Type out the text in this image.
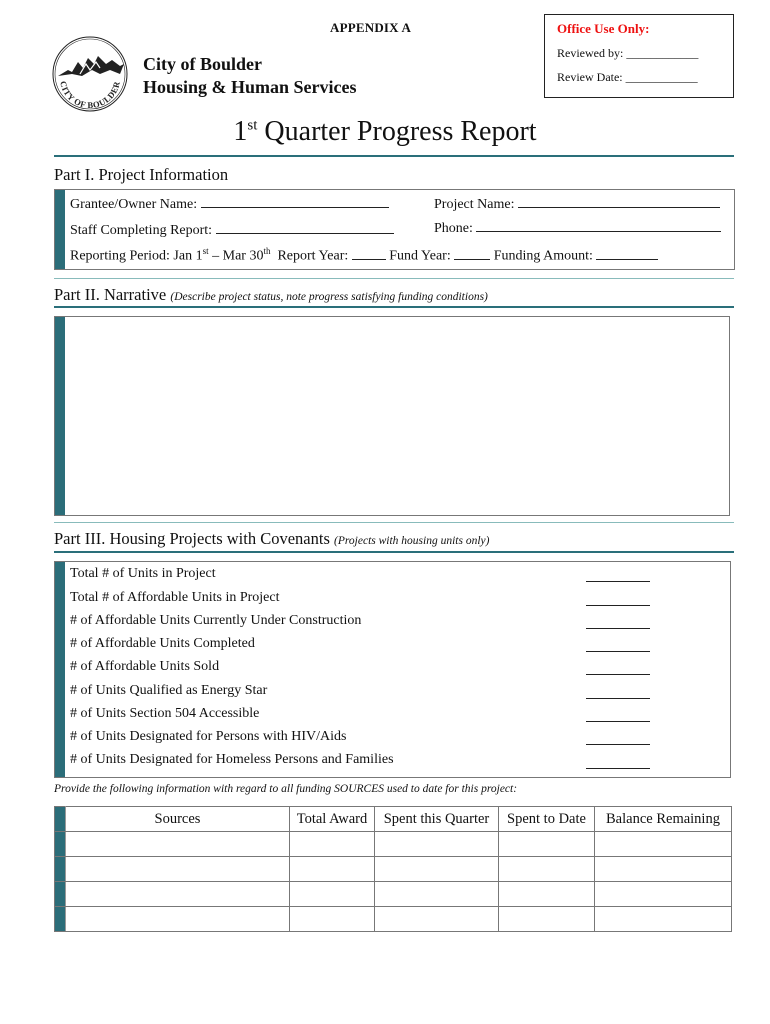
APPENDIX A	Office Use Only:
Reviewed by: ____________
Review Date: ____________
CITY OF BOULDER
City of Boulder
Housing & Human Services
1st Quarter Progress Report
Part I. Project Information
Grantee/Owner Name:	Project Name:
Staff Completing Report:	Phone:
Reporting Period: Jan 1st – Mar 30th Report Year:	Fund Year:	Funding Amount:
Part II. Narrative (Describe project status, note progress satisfying funding conditions)
Part III. Housing Projects with Covenants (Projects with housing units only)
Total # of Units in Project
Total # of Affordable Units in Project
# of Affordable Units Currently Under Construction
# of Affordable Units Completed
# of Affordable Units Sold
# of Units Qualified as Energy Star
# of Units Section 504 Accessible
# of Units Designated for Persons with HIV/Aids
# of Units Designated for Homeless Persons and Families
Provide the following information with regard to all funding SOURCES used to date for this project:
	Sources	Total Award	Spent this Quarter	Spent to Date	Balance Remaining
